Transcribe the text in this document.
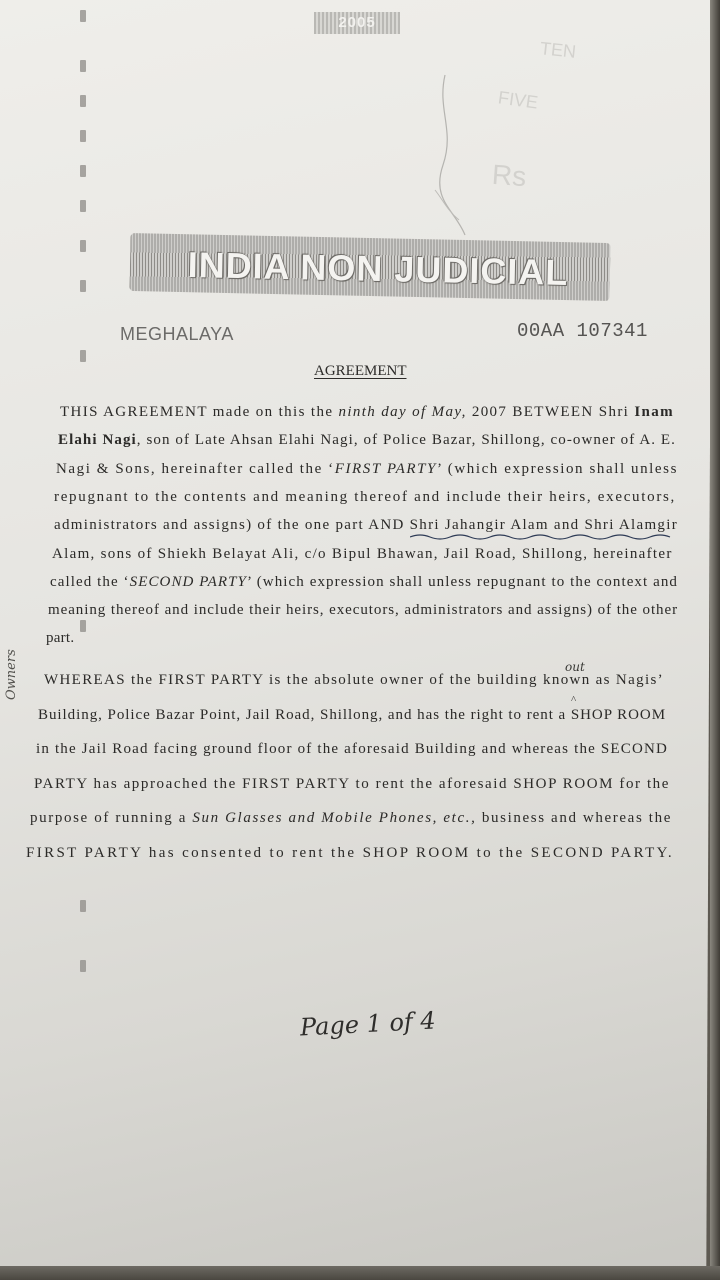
2005
TEN
FIVE
Rs
INDIA NON JUDICIAL
MEGHALAYA	00AA 107341
AGREEMENT
THIS AGREEMENT made on this the ninth day of May, 2007 BETWEEN Shri Inam
Elahi Nagi, son of Late Ahsan Elahi Nagi, of Police Bazar, Shillong, co-owner of A. E.
Nagi & Sons, hereinafter called the ‘FIRST PARTY’ (which expression shall unless
repugnant to the contents and meaning thereof and include their heirs, executors,
administrators and assigns) of the one part AND Shri Jahangir Alam and Shri Alamgir
Alam, sons of Shiekh Belayat Ali, c/o Bipul Bhawan, Jail Road, Shillong, hereinafter
called the ‘SECOND PARTY’ (which expression shall unless repugnant to the context and
meaning thereof and include their heirs, executors, administrators and assigns) of the other
part.
WHEREAS the FIRST PARTY is the absolute owner of the building known as Nagis’
Building, Police Bazar Point, Jail Road, Shillong, and has the right to rent a SHOP ROOM
in the Jail Road facing ground floor of the aforesaid Building and whereas the SECOND
PARTY has approached the FIRST PARTY to rent the aforesaid SHOP ROOM for the
purpose of running a Sun Glasses and Mobile Phones, etc., business and whereas the
FIRST PARTY has consented to rent the SHOP ROOM to the SECOND PARTY.
out
^
Page 1 of 4
Owners
